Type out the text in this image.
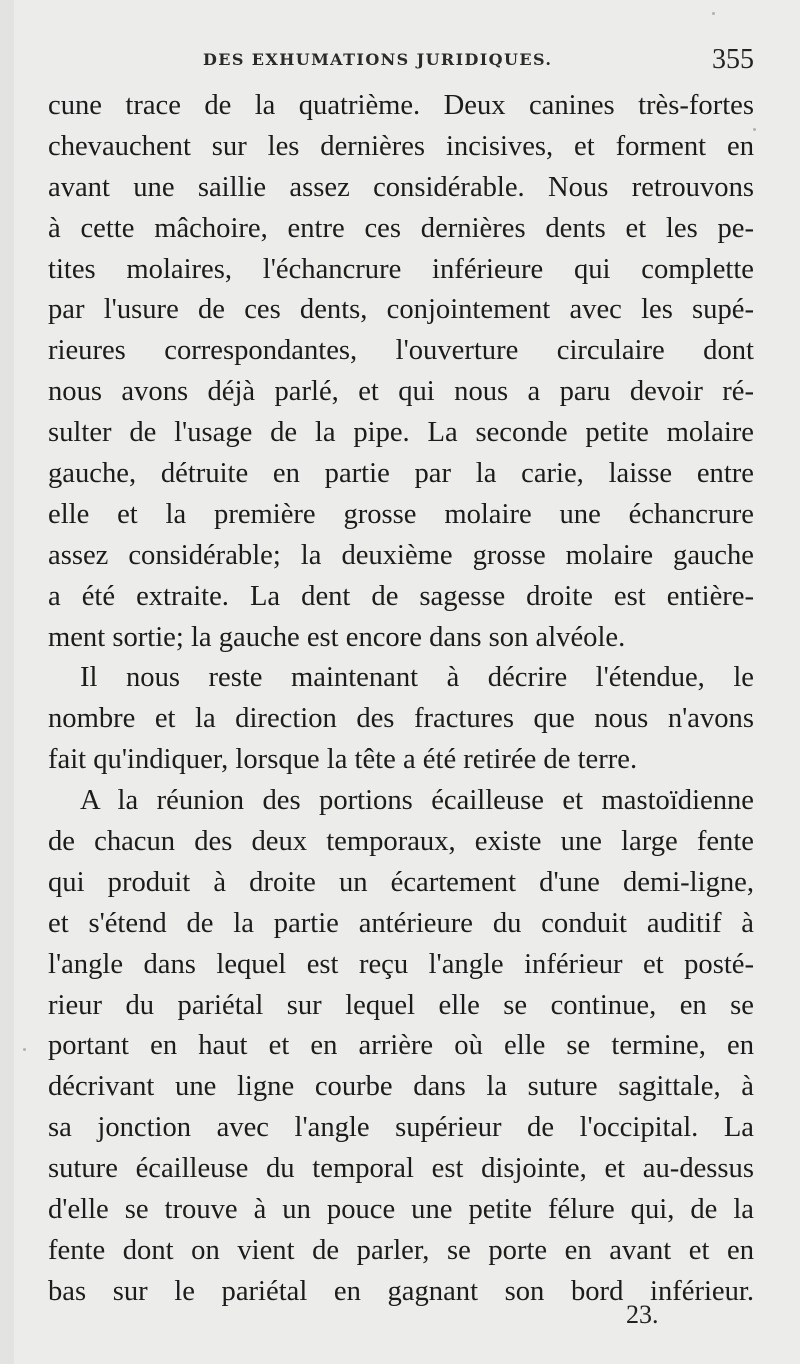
DES EXHUMATIONS JURIDIQUES.	355
cune trace de la quatrième. Deux canines très-fortes
chevauchent sur les dernières incisives, et forment en
avant une saillie assez considérable. Nous retrouvons
à cette mâchoire, entre ces dernières dents et les pe-
tites molaires, l'échancrure inférieure qui complette
par l'usure de ces dents, conjointement avec les supé-
rieures correspondantes, l'ouverture circulaire dont
nous avons déjà parlé, et qui nous a paru devoir ré-
sulter de l'usage de la pipe. La seconde petite molaire
gauche, détruite en partie par la carie, laisse entre
elle et la première grosse molaire une échancrure
assez considérable; la deuxième grosse molaire gauche
a été extraite. La dent de sagesse droite est entière-
ment sortie; la gauche est encore dans son alvéole.
Il nous reste maintenant à décrire l'étendue, le
nombre et la direction des fractures que nous n'avons
fait qu'indiquer, lorsque la tête a été retirée de terre.
A la réunion des portions écailleuse et mastoïdienne
de chacun des deux temporaux, existe une large fente
qui produit à droite un écartement d'une demi-ligne,
et s'étend de la partie antérieure du conduit auditif à
l'angle dans lequel est reçu l'angle inférieur et posté-
rieur du pariétal sur lequel elle se continue, en se
portant en haut et en arrière où elle se termine, en
décrivant une ligne courbe dans la suture sagittale, à
sa jonction avec l'angle supérieur de l'occipital. La
suture écailleuse du temporal est disjointe, et au-dessus
d'elle se trouve à un pouce une petite félure qui, de la
fente dont on vient de parler, se porte en avant et en
bas sur le pariétal en gagnant son bord inférieur.
23.
